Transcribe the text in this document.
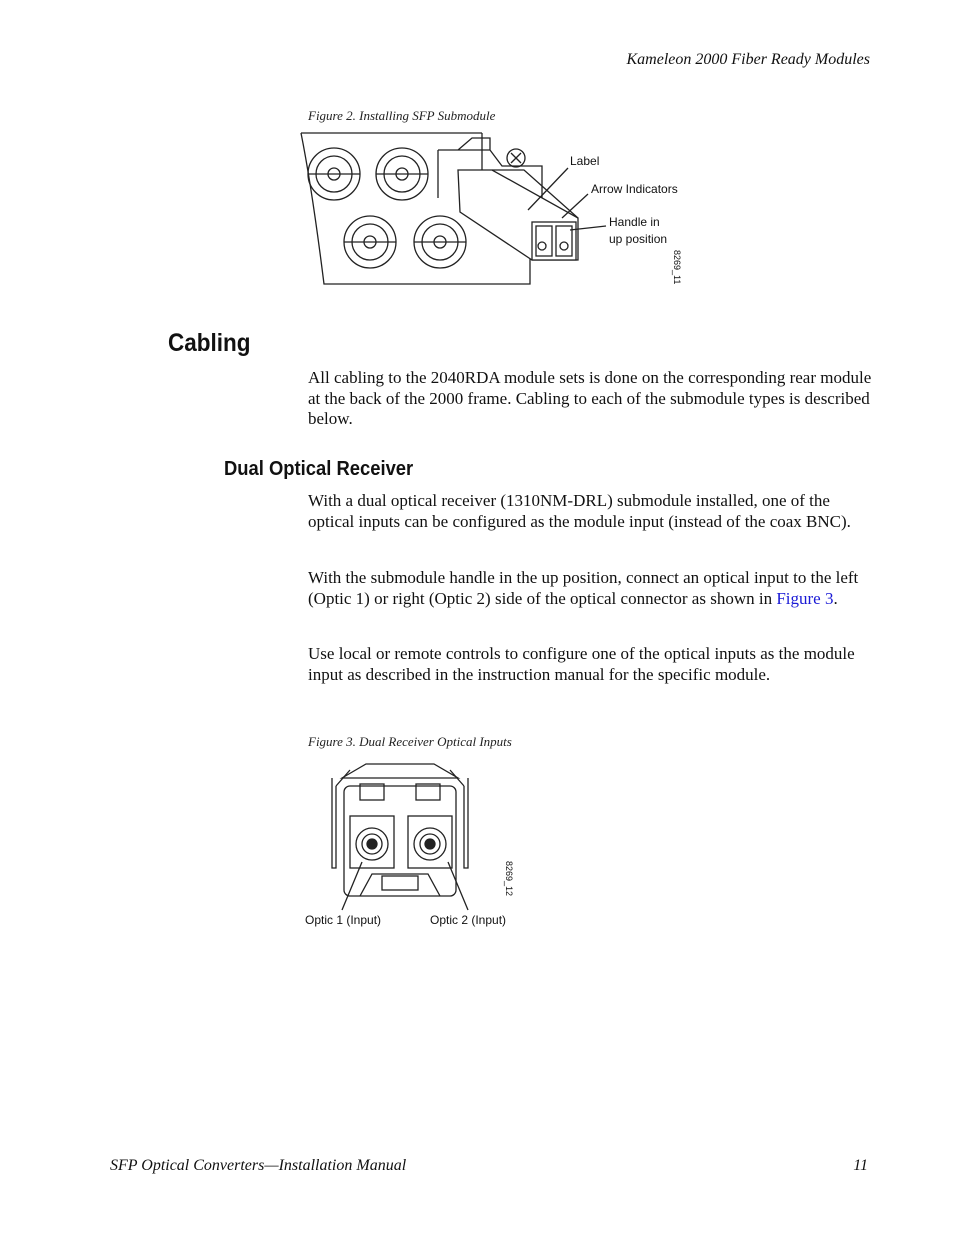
Kameleon 2000 Fiber Ready Modules
Figure 2. Installing SFP Submodule
Label
Arrow Indicators
Handle in
up position
8269_11
Cabling
All cabling to the 2040RDA module sets is done on the corresponding rear module at the back of the 2000 frame. Cabling to each of the submodule types is described below.
Dual Optical Receiver
With a dual optical receiver (1310NM-DRL) submodule installed, one of the optical inputs can be configured as the module input (instead of the coax BNC).
With the submodule handle in the up position, connect an optical input to the left (Optic 1) or right (Optic 2) side of the optical connector as shown in Figure 3.
Use local or remote controls to configure one of the optical inputs as the module input as described in the instruction manual for the specific module.
Figure 3. Dual Receiver Optical Inputs
Optic 1 (Input)	Optic 2 (Input)
8269_12
SFP Optical Converters—Installation Manual	11
